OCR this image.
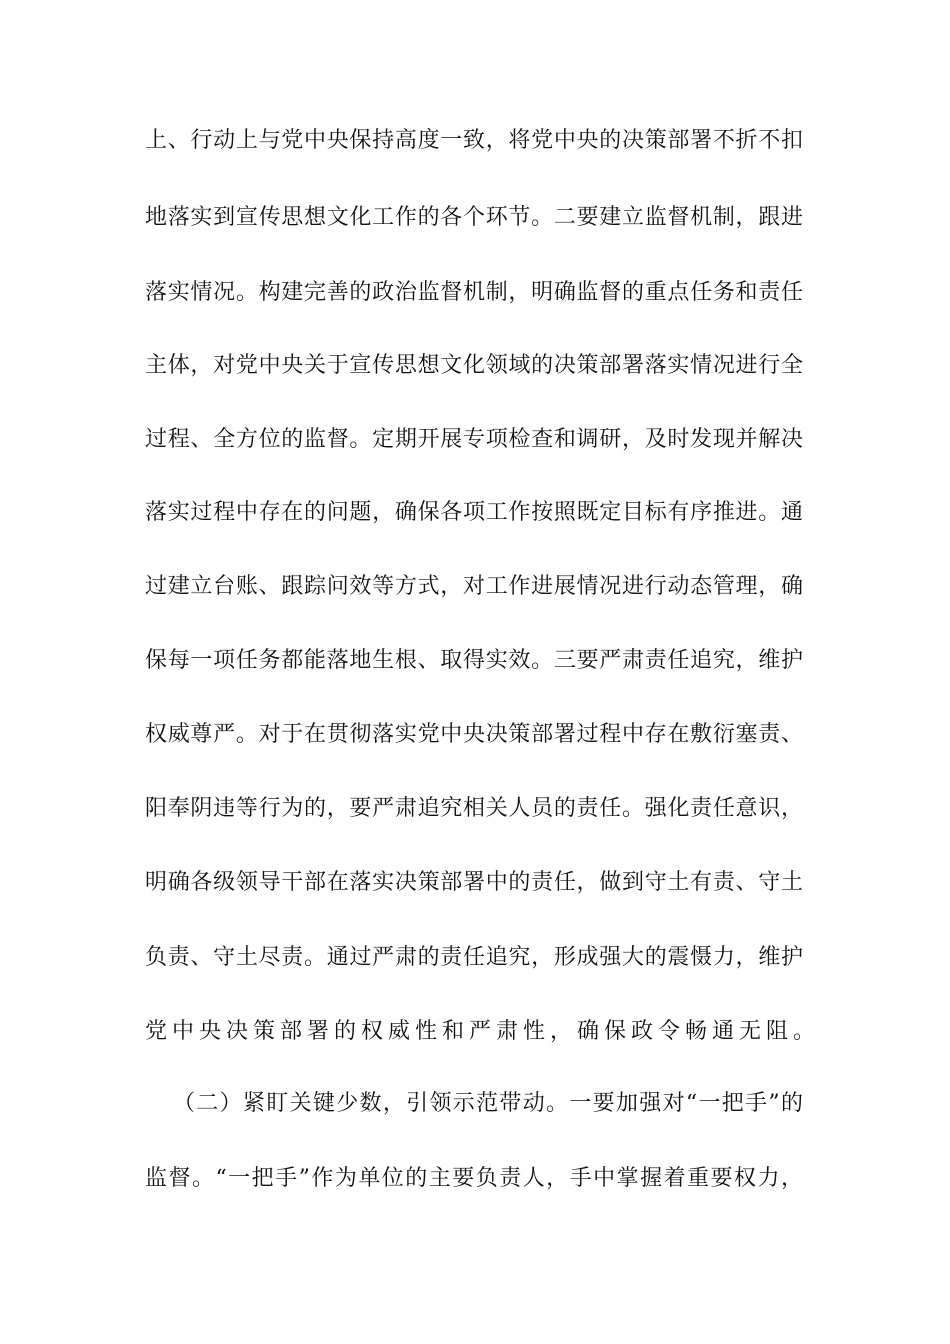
上、行动上与党中央保持高度一致，将党中央的决策部署不折不扣
地落实到宣传思想文化工作的各个环节。二要建立监督机制，跟进
落实情况。构建完善的政治监督机制，明确监督的重点任务和责任
主体，对党中央关于宣传思想文化领域的决策部署落实情况进行全
过程、全方位的监督。定期开展专项检查和调研，及时发现并解决
落实过程中存在的问题，确保各项工作按照既定目标有序推进。通
过建立台账、跟踪问效等方式，对工作进展情况进行动态管理，确
保每一项任务都能落地生根、取得实效。三要严肃责任追究，维护
权威尊严。对于在贯彻落实党中央决策部署过程中存在敷衍塞责、
阳奉阴违等行为的，要严肃追究相关人员的责任。强化责任意识，
明确各级领导干部在落实决策部署中的责任，做到守土有责、守土
负责、守土尽责。通过严肃的责任追究，形成强大的震慑力，维护
党中央决策部署的权威性和严肃性，确保政令畅通无阻。
（二）紧盯关键少数，引领示范带动。一要加强对“一把手”的
监督。“一把手”作为单位的主要负责人，手中掌握着重要权力，
